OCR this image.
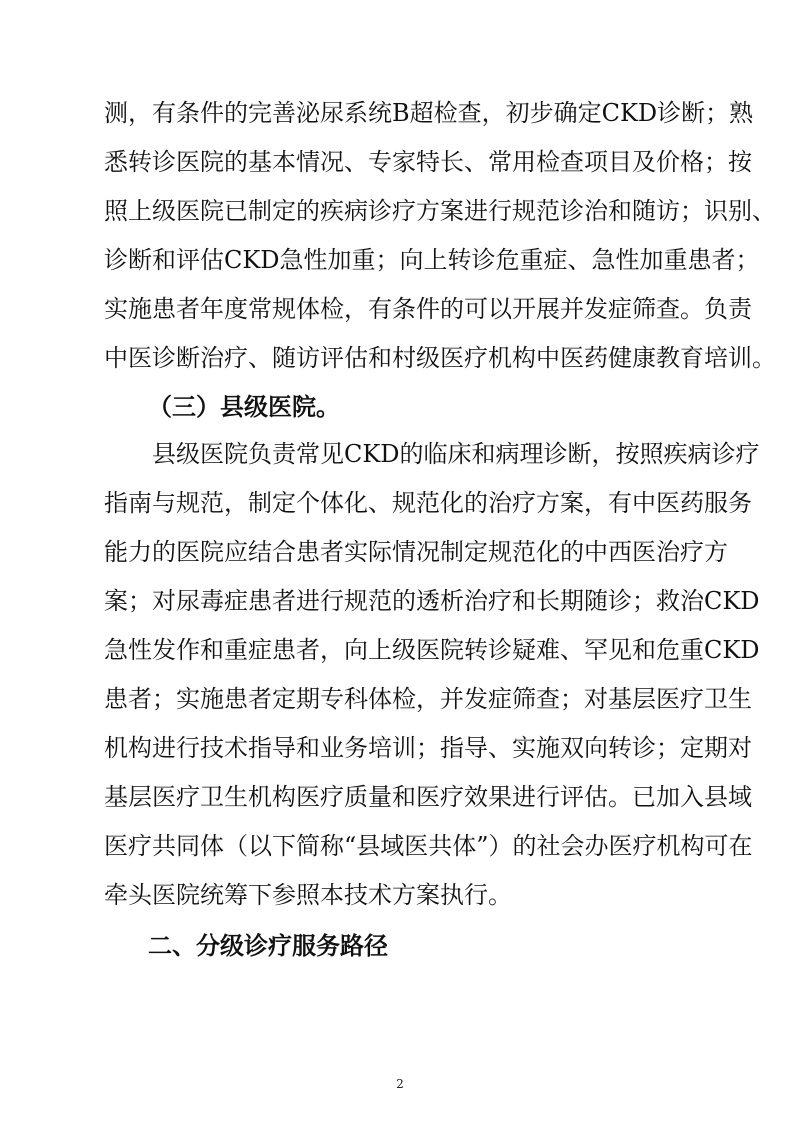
测，有条件的完善泌尿系统B超检查，初步确定CKD诊断；熟
悉转诊医院的基本情况、专家特长、常用检查项目及价格；按
照上级医院已制定的疾病诊疗方案进行规范诊治和随访；识别、
诊断和评估CKD急性加重；向上转诊危重症、急性加重患者；
实施患者年度常规体检，有条件的可以开展并发症筛查。负责
中医诊断治疗、随访评估和村级医疗机构中医药健康教育培训。
（三）县级医院。
县级医院负责常见CKD的临床和病理诊断，按照疾病诊疗
指南与规范，制定个体化、规范化的治疗方案，有中医药服务
能力的医院应结合患者实际情况制定规范化的中西医治疗方
案；对尿毒症患者进行规范的透析治疗和长期随诊；救治CKD
急性发作和重症患者，向上级医院转诊疑难、罕见和危重CKD
患者；实施患者定期专科体检，并发症筛查；对基层医疗卫生
机构进行技术指导和业务培训；指导、实施双向转诊；定期对
基层医疗卫生机构医疗质量和医疗效果进行评估。已加入县域
医疗共同体（以下简称“县域医共体”）的社会办医疗机构可在
2
牵头医院统筹下参照本技术方案执行。
二、分级诊疗服务路径
